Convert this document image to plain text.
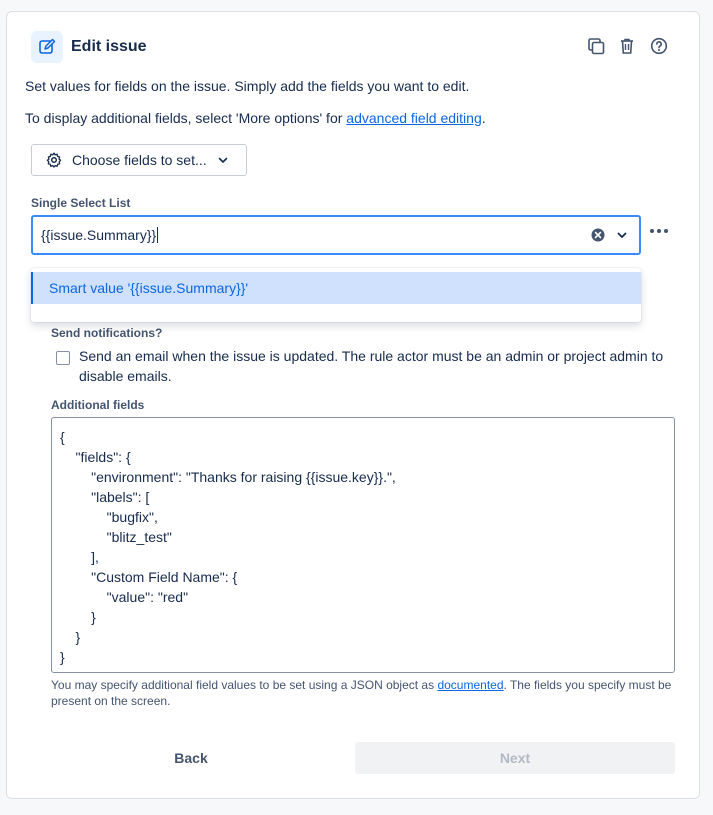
Edit issue
Set values for fields on the issue. Simply add the fields you want to edit.
To display additional fields, select 'More options' for advanced field editing.
Choose fields to set...
Single Select List
{{issue.Summary}}
Smart value '{{issue.Summary}}'
Send notifications?
Send an email when the issue is updated. The rule actor must be an admin or project admin to disable emails.
Additional fields
{
"fields": {
"environment": "Thanks for raising {{issue.key}}.",
"labels": [
"bugfix",
"blitz_test"
],
"Custom Field Name": {
"value": "red"
}
}
}
You may specify additional field values to be set using a JSON object as documented. The fields you specify must be present on the screen.
Back	Next
